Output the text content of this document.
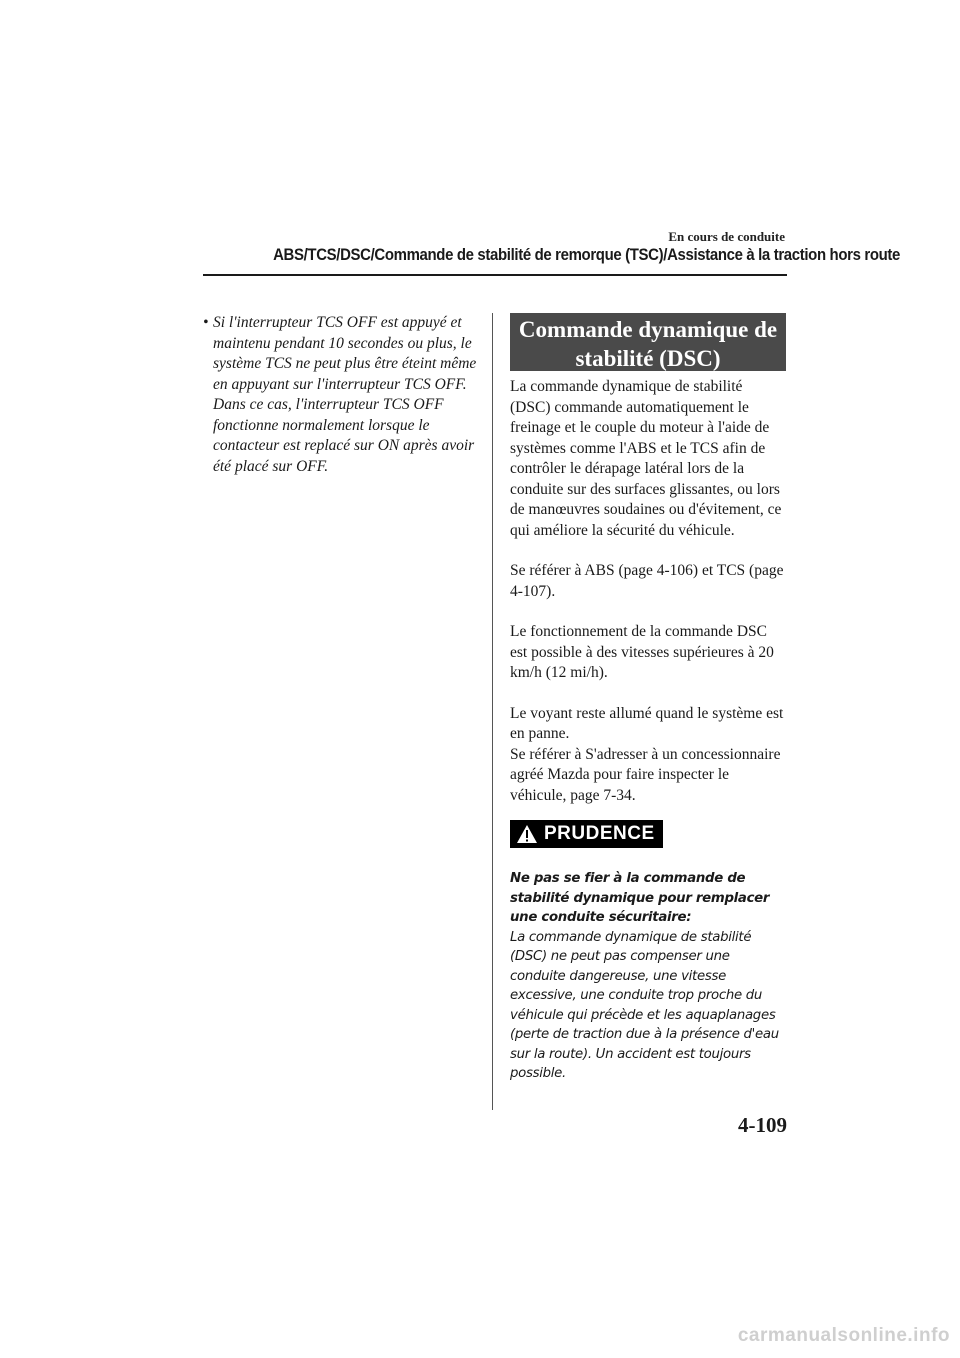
En cours de conduite
ABS/TCS/DSC/Commande de stabilité de remorque (TSC)/Assistance à la traction hors route
• Si l'interrupteur TCS OFF est appuyé et maintenu pendant 10 secondes ou plus, le système TCS ne peut plus être éteint même en appuyant sur l'interrupteur TCS OFF.

Dans ce cas, l'interrupteur TCS OFF fonctionne normalement lorsque le contacteur est replacé sur ON après avoir été placé sur OFF.

Commande dynamique de stabilité (DSC)

La commande dynamique de stabilité (DSC) commande automatiquement le freinage et le couple du moteur à l'aide de systèmes comme l'ABS et le TCS afin de contrôler le dérapage latéral lors de la conduite sur des surfaces glissantes, ou lors de manœuvres soudaines ou d'évitement, ce qui améliore la sécurité du véhicule.

Se référer à ABS (page 4-106) et TCS (page 4-107).

Le fonctionnement de la commande DSC est possible à des vitesses supérieures à 20 km/h (12 mi/h).

Le voyant reste allumé quand le système est en panne.

Se référer à S'adresser à un concessionnaire agréé Mazda pour faire inspecter le véhicule, page 7-34.

PRUDENCE
Ne pas se fier à la commande de stabilité dynamique pour remplacer une conduite sécuritaire:
La commande dynamique de stabilité (DSC) ne peut pas compenser une conduite dangereuse, une vitesse excessive, une conduite trop proche du véhicule qui précède et les aquaplanages (perte de traction due à la présence d'eau sur la route). Un accident est toujours possible.
4-109
carmanualsonline.info
